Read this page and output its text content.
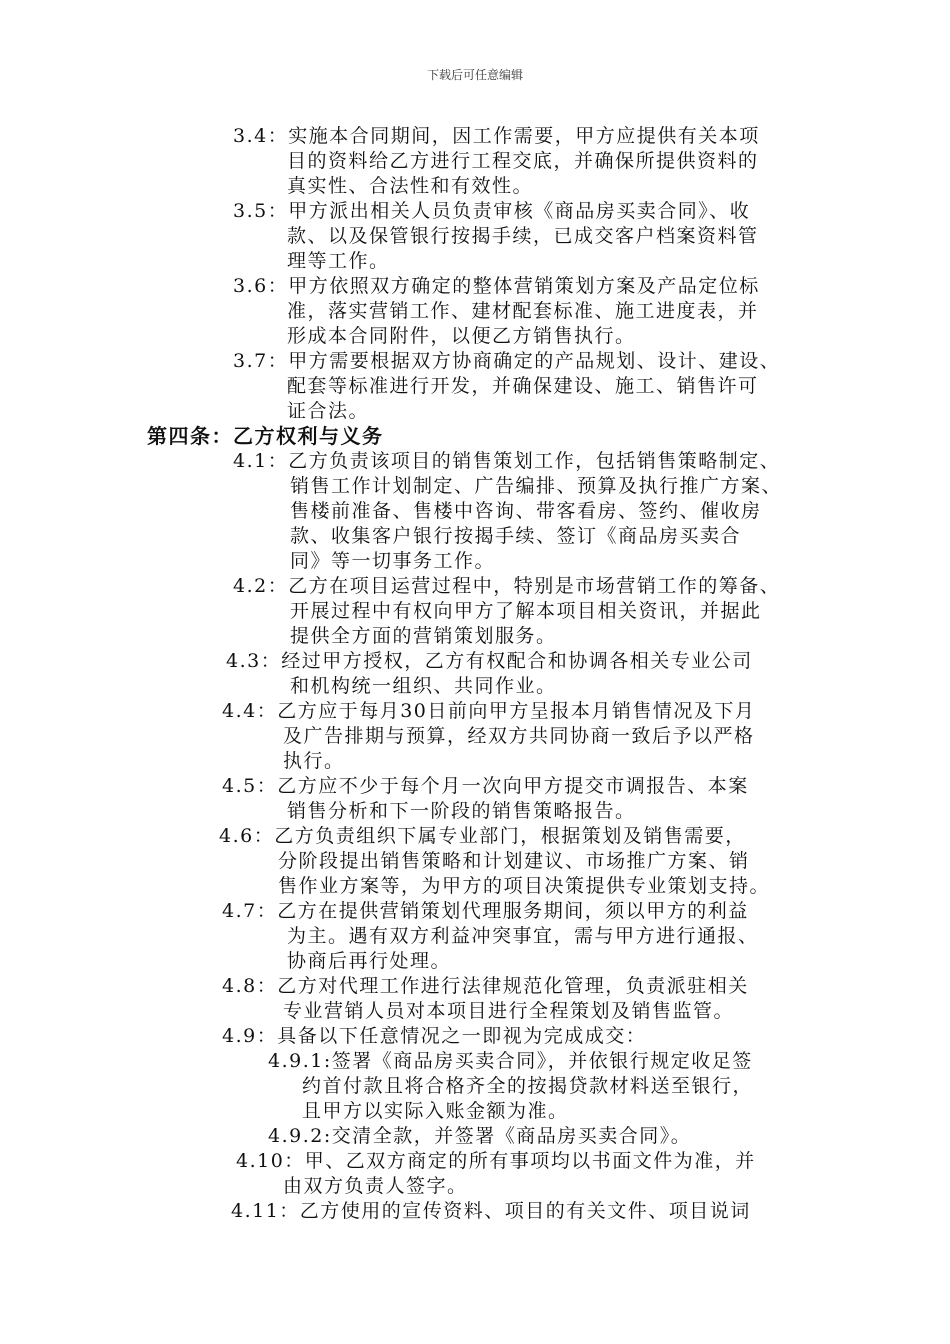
下载后可任意编辑
3.4：实施本合同期间，因工作需要，甲方应提供有关本项
目的资料给乙方进行工程交底，并确保所提供资料的
真实性、合法性和有效性。
3.5：甲方派出相关人员负责审核《商品房买卖合同》、收
款、以及保管银行按揭手续，已成交客户档案资料管
理等工作。
3.6：甲方依照双方确定的整体营销策划方案及产品定位标
准，落实营销工作、建材配套标准、施工进度表，并
形成本合同附件，以便乙方销售执行。
3.7：甲方需要根据双方协商确定的产品规划、设计、建设、
配套等标准进行开发，并确保建设、施工、销售许可
证合法。
第四条：乙方权利与义务
4.1：乙方负责该项目的销售策划工作，包括销售策略制定、
销售工作计划制定、广告编排、预算及执行推广方案、
售楼前准备、售楼中咨询、带客看房、签约、催收房
款、收集客户银行按揭手续、签订《商品房买卖合
同》等一切事务工作。
4.2：乙方在项目运营过程中，特别是市场营销工作的筹备、
开展过程中有权向甲方了解本项目相关资讯，并据此
提供全方面的营销策划服务。
4.3：经过甲方授权，乙方有权配合和协调各相关专业公司
和机构统一组织、共同作业。
4.4：乙方应于每月30日前向甲方呈报本月销售情况及下月
及广告排期与预算，经双方共同协商一致后予以严格
执行。
4.5：乙方应不少于每个月一次向甲方提交市调报告、本案
销售分析和下一阶段的销售策略报告。
4.6：乙方负责组织下属专业部门，根据策划及销售需要，
分阶段提出销售策略和计划建议、市场推广方案、销
售作业方案等，为甲方的项目决策提供专业策划支持。
4.7：乙方在提供营销策划代理服务期间，须以甲方的利益
为主。遇有双方利益冲突事宜，需与甲方进行通报、
协商后再行处理。
4.8：乙方对代理工作进行法律规范化管理，负责派驻相关
专业营销人员对本项目进行全程策划及销售监管。
4.9：具备以下任意情况之一即视为完成成交：
4.9.1:签署《商品房买卖合同》，并依银行规定收足签
约首付款且将合格齐全的按揭贷款材料送至银行，
且甲方以实际入账金额为准。
4.9.2:交清全款，并签署《商品房买卖合同》。
4.10：甲、乙双方商定的所有事项均以书面文件为准，并
由双方负责人签字。
4.11：乙方使用的宣传资料、项目的有关文件、项目说词
